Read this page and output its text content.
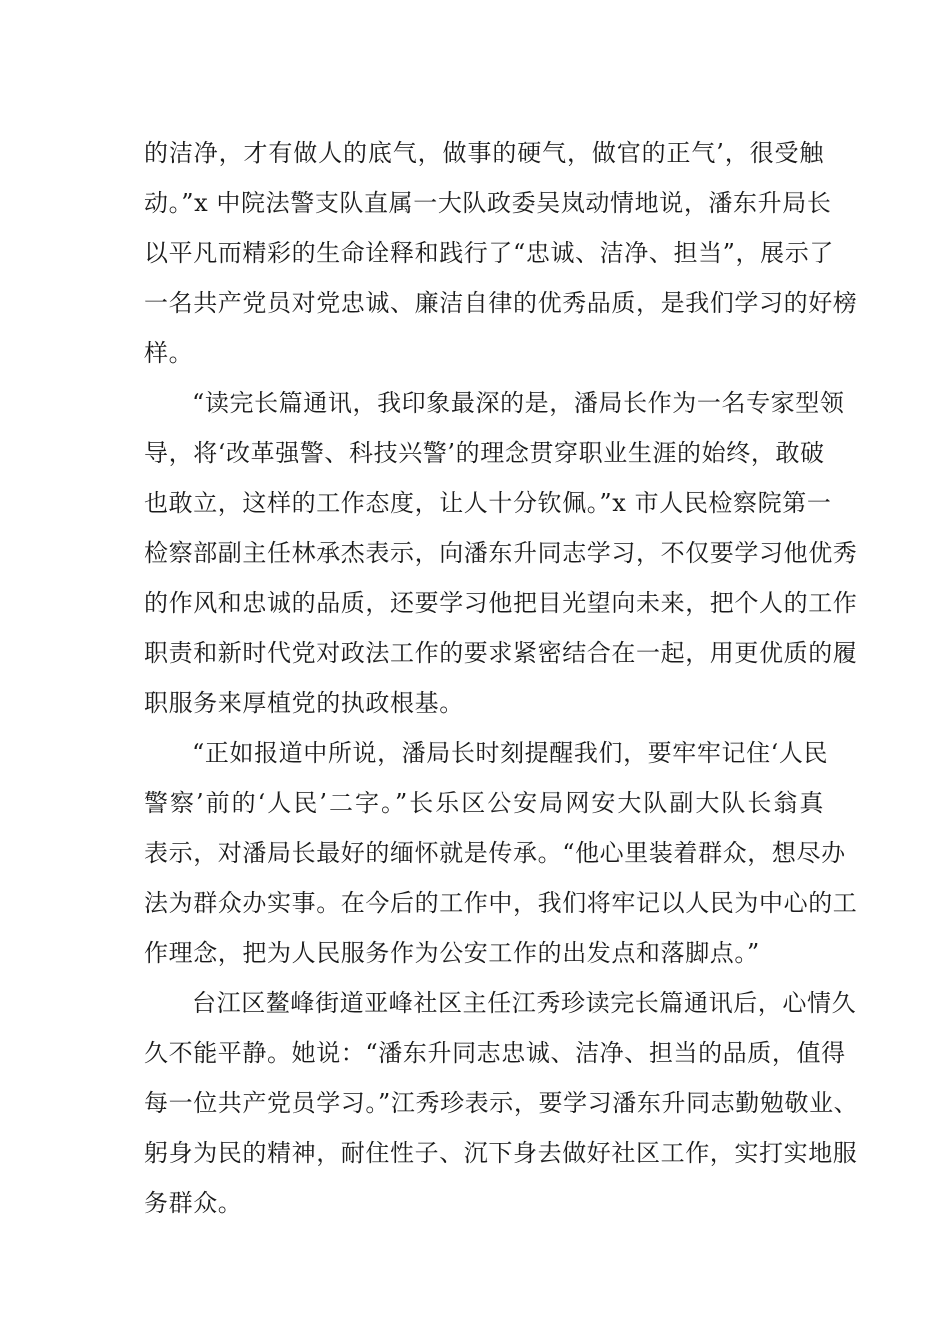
的洁净，才有做人的底气，做事的硬气，做官的正气’，很受触
动。”x 中院法警支队直属一大队政委吴岚动情地说，潘东升局长
以平凡而精彩的生命诠释和践行了“忠诚、洁净、担当”，展示了
一名共产党员对党忠诚、廉洁自律的优秀品质，是我们学习的好榜
样。
“读完长篇通讯，我印象最深的是，潘局长作为一名专家型领
导，将‘改革强警、科技兴警’的理念贯穿职业生涯的始终，敢破
也敢立，这样的工作态度，让人十分钦佩。”x 市人民检察院第一
检察部副主任林承杰表示，向潘东升同志学习，不仅要学习他优秀
的作风和忠诚的品质，还要学习他把目光望向未来，把个人的工作
职责和新时代党对政法工作的要求紧密结合在一起，用更优质的履
职服务来厚植党的执政根基。
“正如报道中所说，潘局长时刻提醒我们，要牢牢记住‘人民
警察’前的‘人民’二字。”长乐区公安局网安大队副大队长翁真
表示，对潘局长最好的缅怀就是传承。“他心里装着群众，想尽办
法为群众办实事。在今后的工作中，我们将牢记以人民为中心的工
作理念，把为人民服务作为公安工作的出发点和落脚点。”
台江区鳌峰街道亚峰社区主任江秀珍读完长篇通讯后，心情久
久不能平静。她说：“潘东升同志忠诚、洁净、担当的品质，值得
每一位共产党员学习。”江秀珍表示，要学习潘东升同志勤勉敬业、
躬身为民的精神，耐住性子、沉下身去做好社区工作，实打实地服
务群众。
